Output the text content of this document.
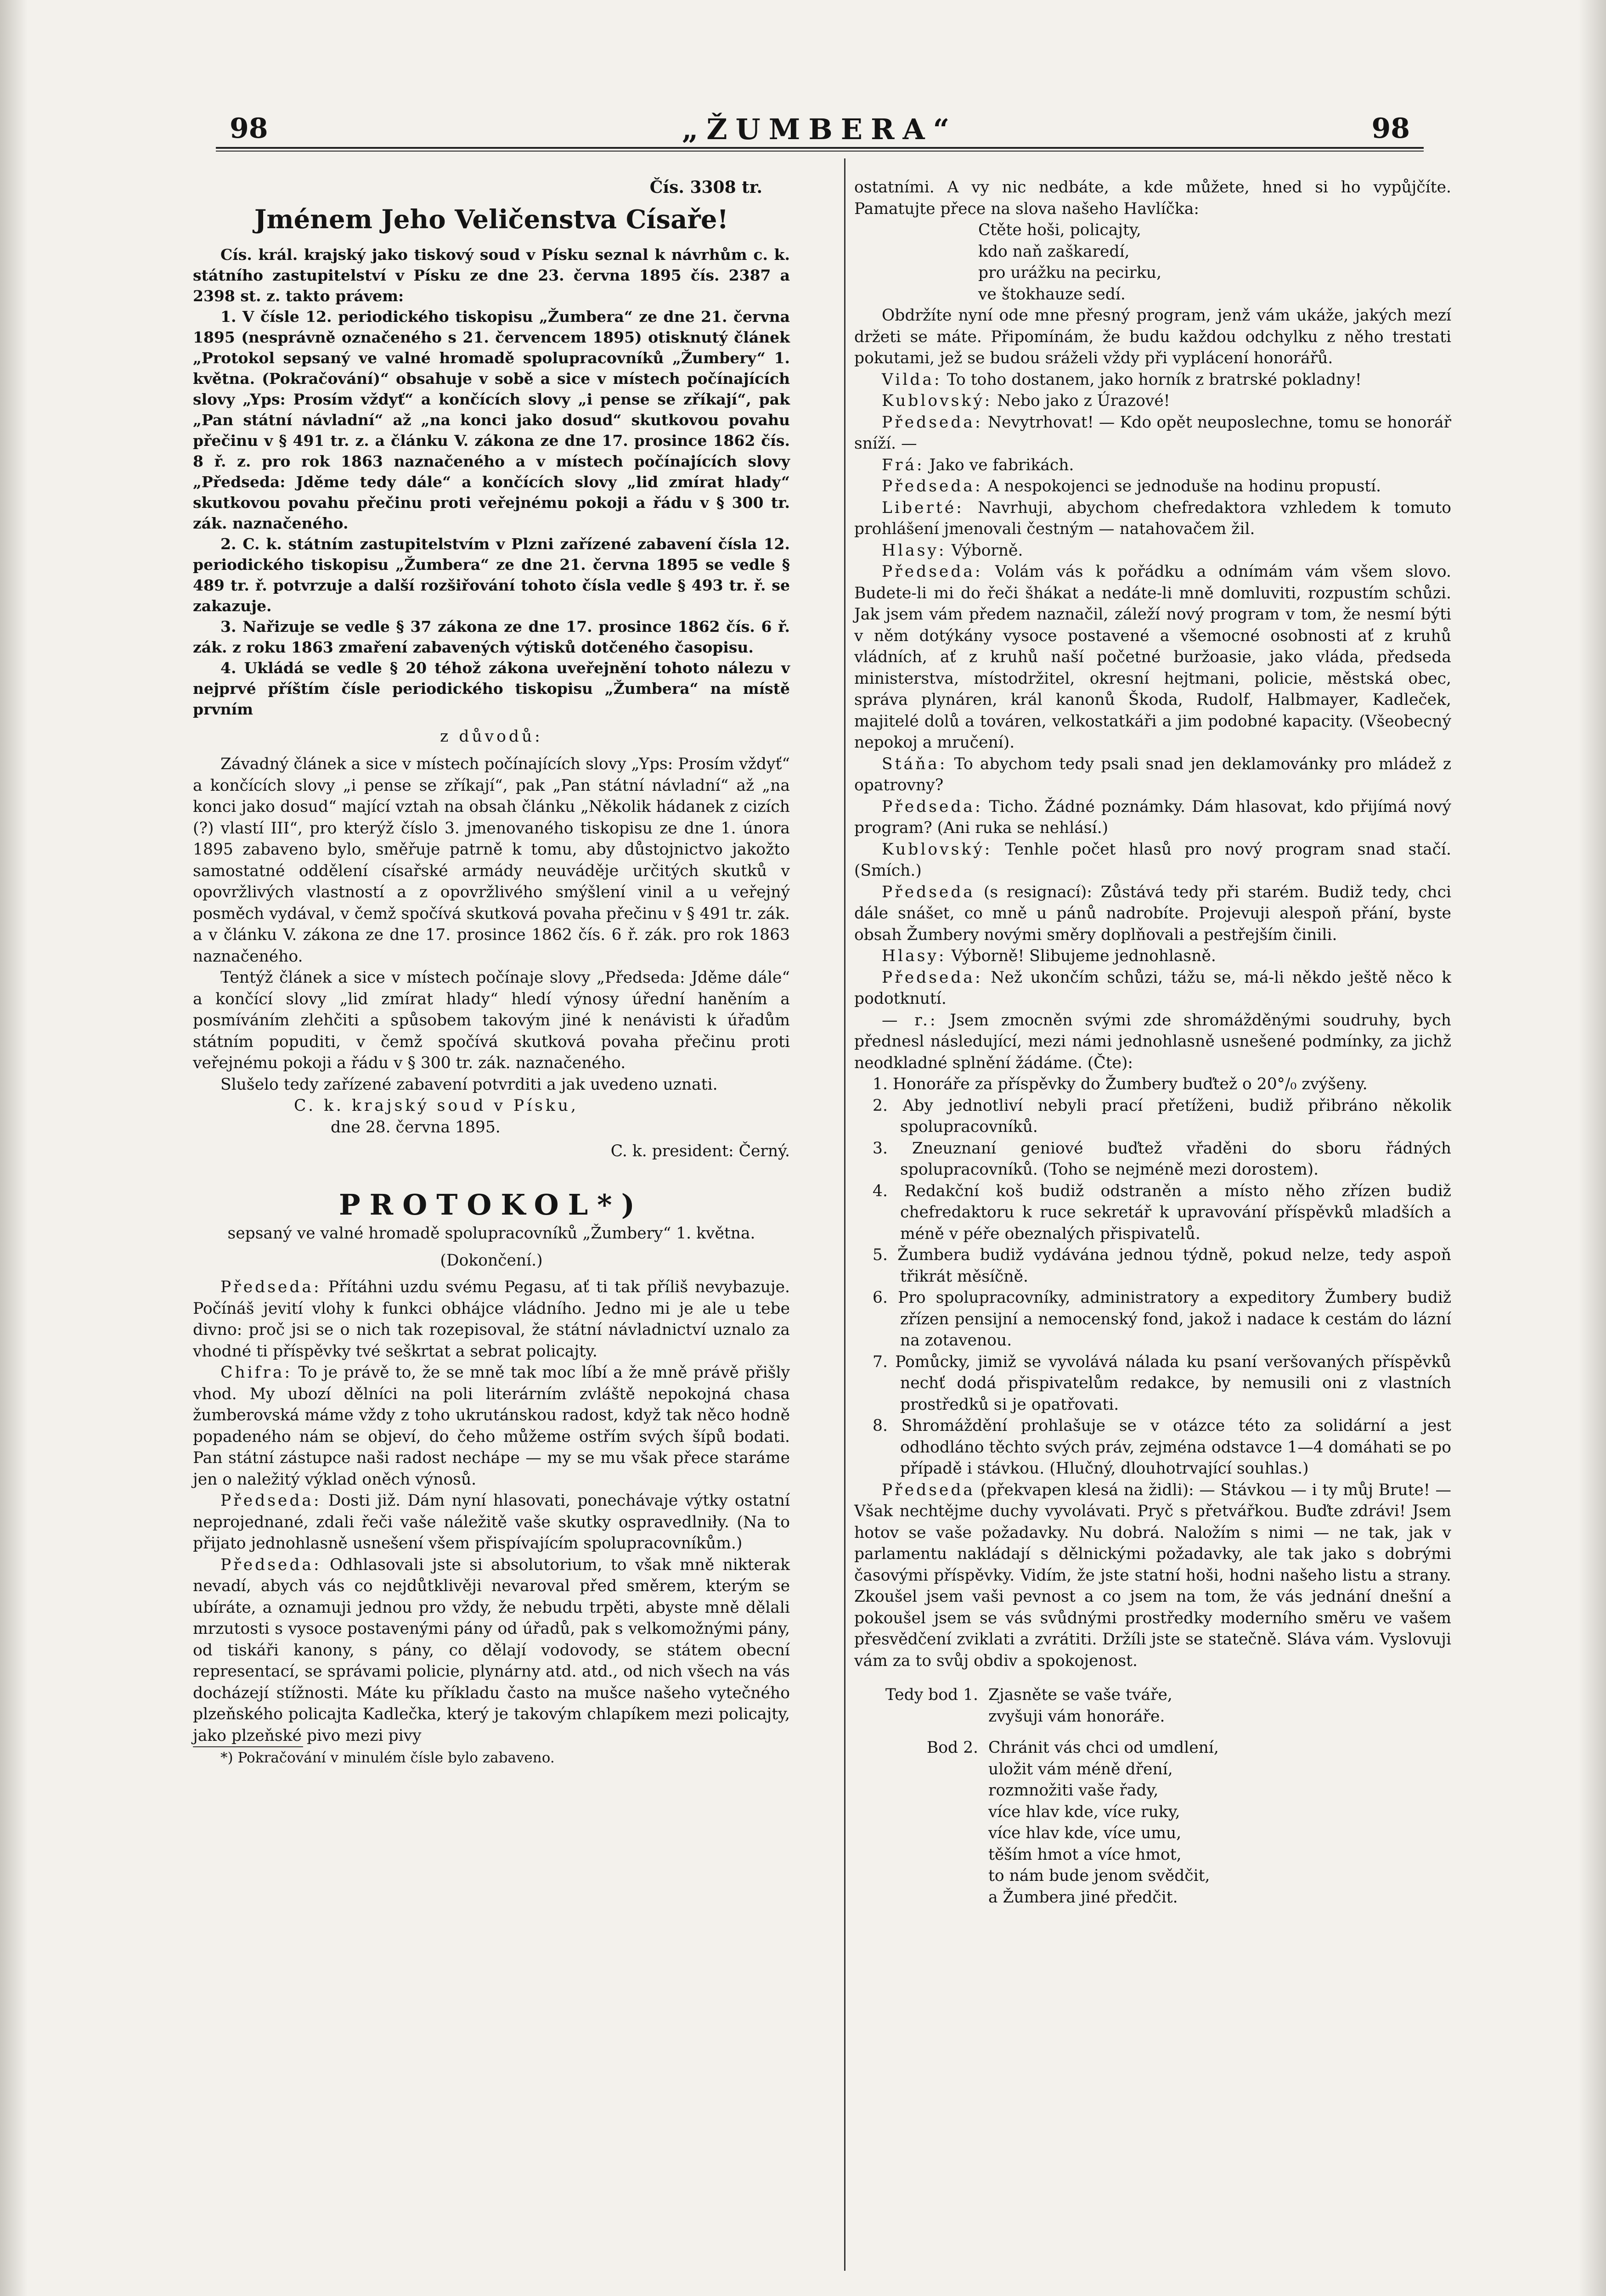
98	„ŽUMBERA“	98

Čís. 3308 tr.

Jménem Jeho Veličenstva Císaře!

Cís. král. krajský jako tiskový soud v Písku seznal k návrhům c. k. státního zastupitelství v Písku ze dne 23. června 1895 čís. 2387 a 2398 st. z. takto právem:

1. V čísle 12. periodického tiskopisu „Žumbera“ ze dne 21. června 1895 (nesprávně označeného s 21. červencem 1895) otisknutý článek „Protokol sepsaný ve valné hromadě spolupracovníků „Žumbery“ 1. května. (Pokračování)“ obsahuje v sobě a sice v místech počínajících slovy „Yps: Prosím vždyť“ a končících slovy „i pense se zříkají“, pak „Pan státní návladní“ až „na konci jako dosud“ skutkovou povahu přečinu v § 491 tr. z. a článku V. zákona ze dne 17. prosince 1862 čís. 8 ř. z. pro rok 1863 naznačeného a v místech počínajících slovy „Předseda: Jděme tedy dále“ a končících slovy „lid zmírat hlady“ skutkovou povahu přečinu proti veřejnému pokoji a řádu v § 300 tr. zák. naznačeného.

2. C. k. státním zastupitelstvím v Plzni zařízené zabavení čísla 12. periodického tiskopisu „Žumbera“ ze dne 21. června 1895 se vedle § 489 tr. ř. potvrzuje a další rozšiřování tohoto čísla vedle § 493 tr. ř. se zakazuje.

3. Nařizuje se vedle § 37 zákona ze dne 17. prosince 1862 čís. 6 ř. zák. z roku 1863 zmaření zabavených výtisků dotčeného časopisu.

4. Ukládá se vedle § 20 téhož zákona uveřejnění tohoto nálezu v nejprvé příštím čísle periodického tiskopisu „Žumbera“ na místě prvním

z důvodů:

Závadný článek a sice v místech počínajících slovy „Yps: Prosím vždyť“ a končících slovy „i pense se zříkají“, pak „Pan státní návladní“ až „na konci jako dosud“ mající vztah na obsah článku „Několik hádanek z cizích (?) vlastí III“, pro kterýž číslo 3. jmenovaného tiskopisu ze dne 1. února 1895 zabaveno bylo, směřuje patrně k tomu, aby důstojnictvo jakožto samostatné oddělení císařské armády neuváděje určitých skutků v opovržlivých vlastností a z opovržlivého smýšlení vinil a u veřejný posměch vydával, v čemž spočívá skutková povaha přečinu v § 491 tr. zák. a v článku V. zákona ze dne 17. prosince 1862 čís. 6 ř. zák. pro rok 1863 naznačeného.

Tentýž článek a sice v místech počínaje slovy „Předseda: Jděme dále“ a končící slovy „lid zmírat hlady“ hledí výnosy úřední haněním a posmíváním zlehčiti a spůsobem takovým jiné k nenávisti k úřadům státním popuditi, v čemž spočívá skutková povaha přečinu proti veřejnému pokoji a řádu v § 300 tr. zák. naznačeného.

Slušelo tedy zařízené zabavení potvrditi a jak uvedeno uznati.

C. k. krajský soud v Písku,

dne 28. června 1895.

C. k. president: Černý.

PROTOKOL*)

sepsaný ve valné hromadě spolupracovníků „Žumbery“ 1. května.

(Dokončení.)

Předseda: Přítáhni uzdu svému Pegasu, ať ti tak příliš nevybazuje. Počínáš jevití vlohy k funkci obhájce vládního. Jedno mi je ale u tebe divno: proč jsi se o nich tak rozepisoval, že státní návladnictví uznalo za vhodné ti příspěvky tvé seškrtat a sebrat policajty.

Chifra: To je právě to, že se mně tak moc líbí a že mně právě přišly vhod. My ubozí dělníci na poli literárním zvláště nepokojná chasa žumberovská máme vždy z toho ukrutánskou radost, když tak něco hodně popadeného nám se objeví, do čeho můžeme ostřím svých šípů bodati. Pan státní zástupce naši radost nechápe — my se mu však přece staráme jen o naležitý výklad oněch výnosů.

Předseda: Dosti již. Dám nyní hlasovati, ponechávaje výtky ostatní neprojednané, zdali řeči vaše náležitě vaše skutky ospravedlniły. (Na to přijato jednohlasně usnešení všem přispívajícím spolupracovníkům.)

Předseda: Odhlasovali jste si absolutorium, to však mně nikterak nevadí, abych vás co nejdůtklivěji nevaroval před směrem, kterým se ubíráte, a oznamuji jednou pro vždy, že nebudu trpěti, abyste mně dělali mrzutosti s vysoce postavenými pány od úřadů, pak s velkomožnými pány, od tiskáři kanony, s pány, co dělají vodovody, se státem obecní representací, se správami policie, plynárny atd. atd., od nich všech na vás docházejí stížnosti. Máte ku příkladu často na mušce našeho vytečného plzeňského policajta Kadlečka, který je takovým chlapíkem mezi policajty, jako plzeňské pivo mezi pivy

*) Pokračování v minulém čísle bylo zabaveno.

ostatními. A vy nic nedbáte, a kde můžete, hned si ho vypůjčíte. Pamatujte přece na slova našeho Havlíčka:

Ctěte hoši, policajty,
kdo naň zaškaredí,
pro urážku na pecirku,
ve štokhauze sedí.

Obdržíte nyní ode mne přesný program, jenž vám ukáže, jakých mezí držeti se máte. Připomínám, že budu každou odchylku z něho trestati pokutami, jež se budou sráželi vždy při vyplácení honorářů.

Vilda: To toho dostanem, jako horník z bratrské pokladny!

Kublovský: Nebo jako z Úrazové!

Předseda: Nevytrhovat! — Kdo opět neuposlechne, tomu se honorář sníží. —

Frá: Jako ve fabrikách.

Předseda: A nespokojenci se jednoduše na hodinu propustí.

Liberté: Navrhuji, abychom chefredaktora vzhledem k tomuto prohlášení jmenovali čestným — natahovačem žil.

Hlasy: Výborně.

Předseda: Volám vás k pořádku a odnímám vám všem slovo. Budete-li mi do řeči šhákat a nedáte-li mně domluviti, rozpustím schůzi. Jak jsem vám předem naznačil, záleží nový program v tom, že nesmí býti v něm dotýkány vysoce postavené a všemocné osobnosti ať z kruhů vládních, ať z kruhů naší početné buržoasie, jako vláda, předseda ministerstva, místodržitel, okresní hejtmani, policie, městská obec, správa plynáren, král kanonů Škoda, Rudolf, Halbmayer, Kadleček, majitelé dolů a továren, velkostatkáři a jim podobné kapacity. (Všeobecný nepokoj a mručení).

Stáňa: To abychom tedy psali snad jen deklamovánky pro mládež z opatrovny?

Předseda: Ticho. Žádné poznámky. Dám hlasovat, kdo přijímá nový program? (Ani ruka se nehlásí.)

Kublovský: Tenhle počet hlasů pro nový program snad stačí. (Smích.)

Předseda (s resignací): Zůstává tedy při starém. Budiž tedy, chci dále snášet, co mně u pánů nadrobíte. Projevuji alespoň přání, byste obsah Žumbery novými směry doplňovali a pestřejším činili.

Hlasy: Výborně! Slibujeme jednohlasně.

Předseda: Než ukončím schůzi, tážu se, má-li někdo ještě něco k podotknutí.

— r.: Jsem zmocněn svými zde shromážděnými soudruhy, bych přednesl následující, mezi námi jednohlasně usnešené podmínky, za jichž neodkladné splnění žádáme. (Čte):

1. Honoráře za příspěvky do Žumbery buďtež o 20°/₀ zvýšeny.
2. Aby jednotliví nebyli prací přetíženi, budiž přibráno několik spolupracovníků.
3. Zneuznaní geniové buďtež vřaděni do sboru řádných spolupracovníků. (Toho se nejméně mezi dorostem).
4. Redakční koš budiž odstraněn a místo něho zřízen budiž chefredaktoru k ruce sekretář k upravování příspěvků mladších a méně v péře obeznalých přispivatelů.
5. Žumbera budiž vydávána jednou týdně, pokud nelze, tedy aspoň třikrát měsíčně.
6. Pro spolupracovníky, administratory a expeditory Žumbery budiž zřízen pensijní a nemocenský fond, jakož i nadace k cestám do lázní na zotavenou.
7. Pomůcky, jimiž se vyvolává nálada ku psaní veršovaných příspěvků nechť dodá přispivatelům redakce, by nemusili oni z vlastních prostředků si je opatřovati.
8. Shromáždění prohlašuje se v otázce této za solidární a jest odhodláno těchto svých práv, zejména odstavce 1—4 domáhati se po případě i stávkou. (Hlučný, dlouhotrvající souhlas.)

Předseda (překvapen klesá na židli): — Stávkou — i ty můj Brute! — Však nechtějme duchy vyvolávati. Pryč s přetvářkou. Buďte zdrávi! Jsem hotov se vaše požadavky. Nu dobrá. Naložím s nimi — ne tak, jak v parlamentu nakládají s dělnickými požadavky, ale tak jako s dobrými časovými příspěvky. Vidím, že jste statní hoši, hodni našeho listu a strany. Zkoušel jsem vaši pevnost a co jsem na tom, že vás jednání dnešní a pokoušel jsem se vás svůdnými prostředky moderního směru ve vašem přesvědčení zviklati a zvrátiti. Držíli jste se statečně. Sláva vám. Vyslovuji vám za to svůj obdiv a spokojenost.

Tedy bod 1. Zjasněte se vaše tváře,
zvyšuji vám honoráře.
Bod 2. Chránit vás chci od umdlení,
uložit vám méně dření,
rozmnožiti vaše řady,
více hlav kde, více ruky,
více hlav kde, více umu,
těším hmot a více hmot,
to nám bude jenom svědčit,
a Žumbera jiné předčit.
